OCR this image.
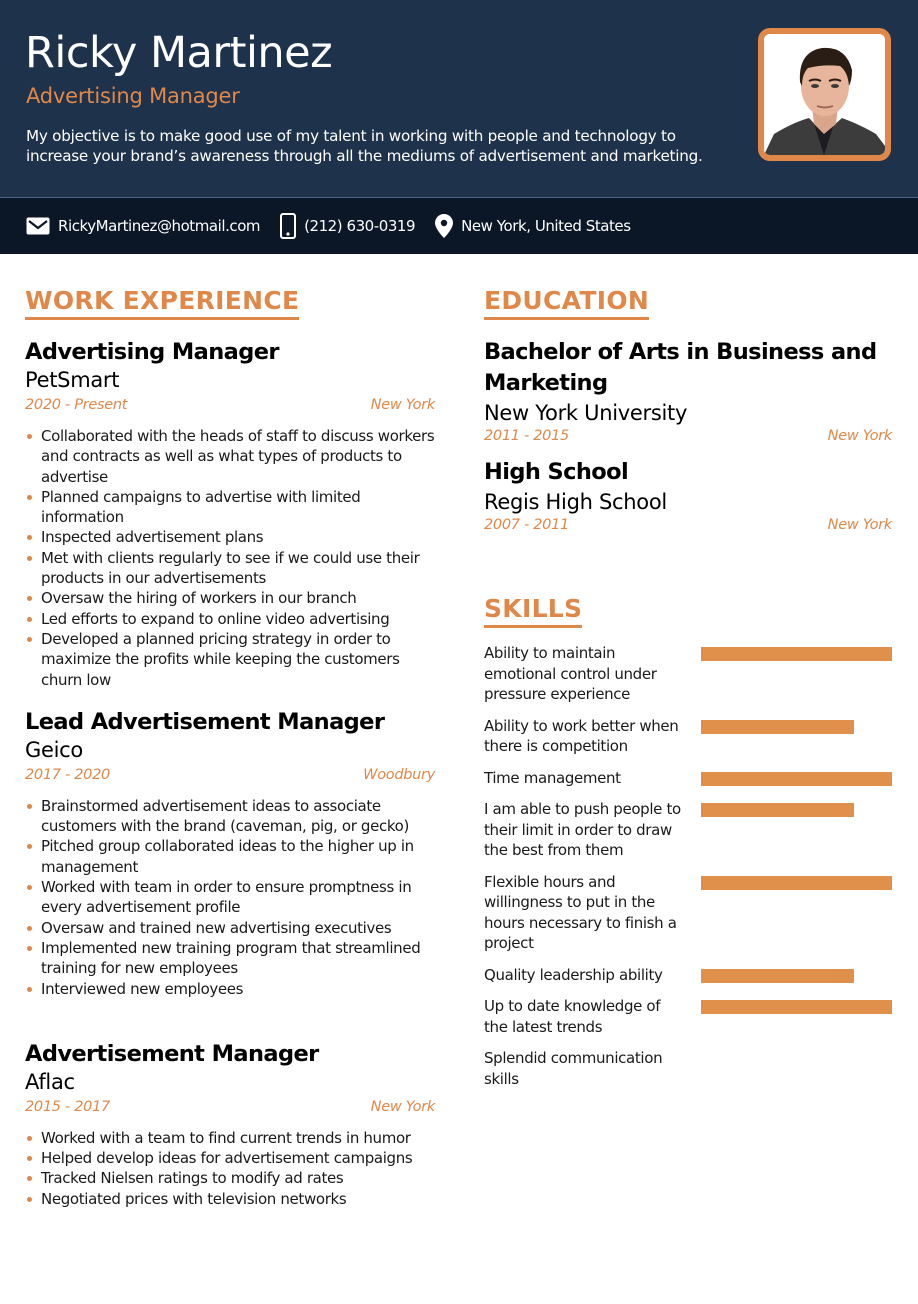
Ricky Martinez
Advertising Manager

My objective is to make good use of my talent in working with people and technology to increase your brand’s awareness through all the mediums of advertisement and marketing.

RickyMartinez@hotmail.com	(212) 630-0319	New York, United States
WORK EXPERIENCE
Advertising Manager
PetSmart
2020 - Present	New York
Collaborated with the heads of staff to discuss workers and contracts as well as what types of products to advertise
Planned campaigns to advertise with limited information
Inspected advertisement plans
Met with clients regularly to see if we could use their products in our advertisements
Oversaw the hiring of workers in our branch
Led efforts to expand to online video advertising
Developed a planned pricing strategy in order to maximize the profits while keeping the customers churn low
Lead Advertisement Manager
Geico
2017 - 2020	Woodbury
Brainstormed advertisement ideas to associate customers with the brand (caveman, pig, or gecko)
Pitched group collaborated ideas to the higher up in management
Worked with team in order to ensure promptness in every advertisement profile
Oversaw and trained new advertising executives
Implemented new training program that streamlined training for new employees
Interviewed new employees
Advertisement Manager
Aflac
2015 - 2017	New York
Worked with a team to find current trends in humor
Helped develop ideas for advertisement campaigns
Tracked Nielsen ratings to modify ad rates
Negotiated prices with television networks
EDUCATION
Bachelor of Arts in Business and Marketing
New York University
2011 - 2015	New York
High School
Regis High School
2007 - 2011	New York
SKILLS
Ability to maintain emotional control under pressure experience
Ability to work better when there is competition
Time management
I am able to push people to their limit in order to draw the best from them
Flexible hours and willingness to put in the hours necessary to finish a project
Quality leadership ability
Up to date knowledge of the latest trends
Splendid communication skills
